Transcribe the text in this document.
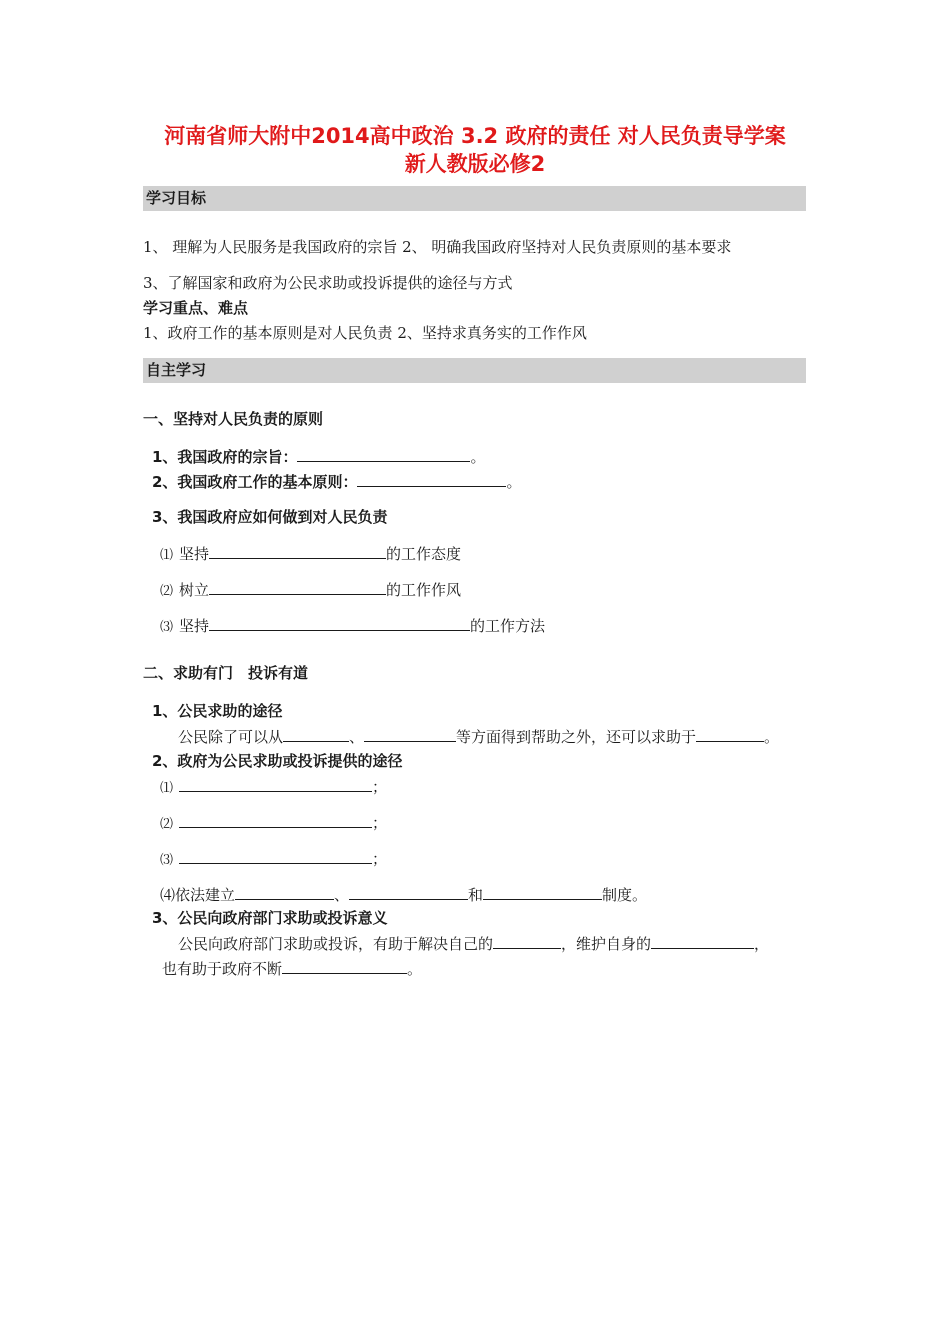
河南省师大附中2014高中政治 3.2 政府的责任 对人民负责导学案
新人教版必修2
学习目标
1、 理解为人民服务是我国政府的宗旨 2、 明确我国政府坚持对人民负责原则的基本要求
3、了解国家和政府为公民求助或投诉提供的途径与方式
学习重点、难点
1、政府工作的基本原则是对人民负责 2、坚持求真务实的工作作风
自主学习
一、坚持对人民负责的原则
1、我国政府的宗旨：	。
2、我国政府工作的基本原则：	。
3、我国政府应如何做到对人民负责
⑴ 坚持	的工作态度
⑵ 树立	的工作作风
⑶ 坚持	的工作方法
二、求助有门　投诉有道
1、公民求助的途径
公民除了可以从	、	等方面得到帮助之外，还可以求助于	。
2、政府为公民求助或投诉提供的途径
⑴	；
⑵	；
⑶	；
⑷依法建立	、	和	制度。
3、公民向政府部门求助或投诉意义
公民向政府部门求助或投诉，有助于解决自己的	，维护自身的	，
也有助于政府不断	。
